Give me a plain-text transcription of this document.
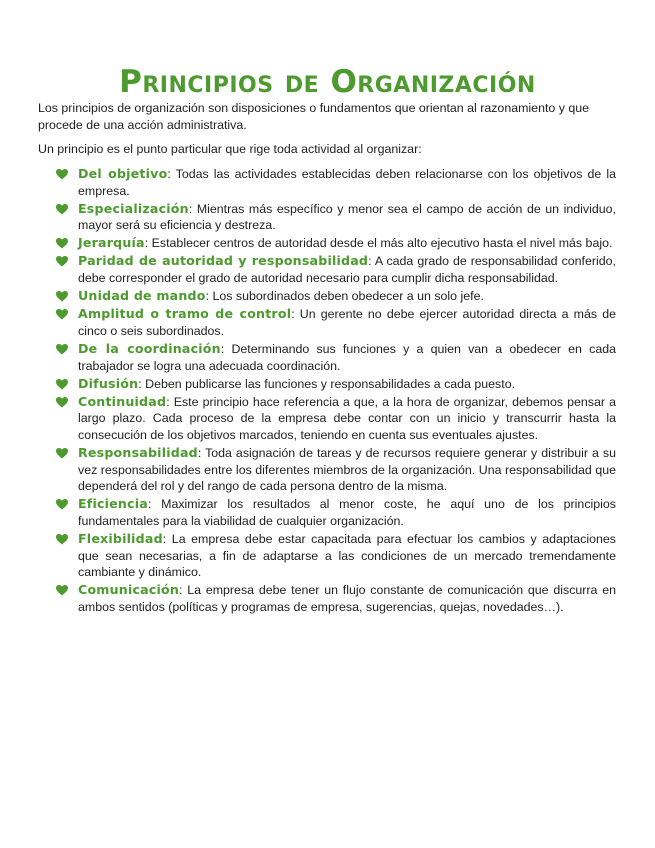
Principios de Organización

Los principios de organización son disposiciones o fundamentos que orientan al razonamiento y que procede de una acción administrativa.

Un principio es el punto particular que rige toda actividad al organizar:

Del objetivo: Todas las actividades establecidas deben relacionarse con los objetivos de la empresa.
Especialización: Mientras más específico y menor sea el campo de acción de un individuo, mayor será su eficiencia y destreza.
Jerarquía: Establecer centros de autoridad desde el más alto ejecutivo hasta el nivel más bajo.
Paridad de autoridad y responsabilidad: A cada grado de responsabilidad conferido, debe corresponder el grado de autoridad necesario para cumplir dicha responsabilidad.
Unidad de mando: Los subordinados deben obedecer a un solo jefe.
Amplitud o tramo de control: Un gerente no debe ejercer autoridad directa a más de cinco o seis subordinados.
De la coordinación: Determinando sus funciones y a quien van a obedecer en cada trabajador se logra una adecuada coordinación.
Difusión: Deben publicarse las funciones y responsabilidades a cada puesto.
Continuidad: Este principio hace referencia a que, a la hora de organizar, debemos pensar a largo plazo. Cada proceso de la empresa debe contar con un inicio y transcurrir hasta la consecución de los objetivos marcados, teniendo en cuenta sus eventuales ajustes.
Responsabilidad: Toda asignación de tareas y de recursos requiere generar y distribuir a su vez responsabilidades entre los diferentes miembros de la organización. Una responsabilidad que dependerá del rol y del rango de cada persona dentro de la misma.
Eficiencia: Maximizar los resultados al menor coste, he aquí uno de los principios fundamentales para la viabilidad de cualquier organización.
Flexibilidad: La empresa debe estar capacitada para efectuar los cambios y adaptaciones que sean necesarias, a fin de adaptarse a las condiciones de un mercado tremendamente cambiante y dinámico.
Comunicación: La empresa debe tener un flujo constante de comunicación que discurra en ambos sentidos (políticas y programas de empresa, sugerencias, quejas, novedades…).
